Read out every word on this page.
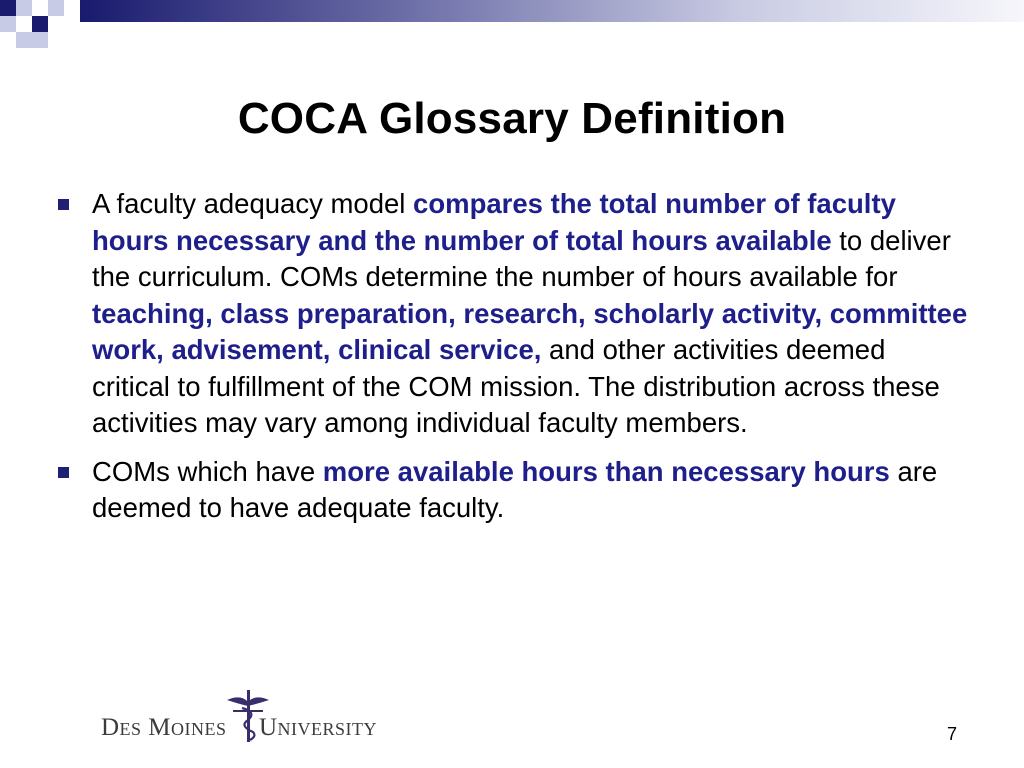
COCA Glossary Definition
A faculty adequacy model compares the total number of faculty hours necessary and the number of total hours available to deliver the curriculum. COMs determine the number of hours available for teaching, class preparation, research, scholarly activity, committee work, advisement, clinical service, and other activities deemed critical to fulfillment of the COM mission. The distribution across these activities may vary among individual faculty members.
COMs which have more available hours than necessary hours are deemed to have adequate faculty.
Des Moines University	7
